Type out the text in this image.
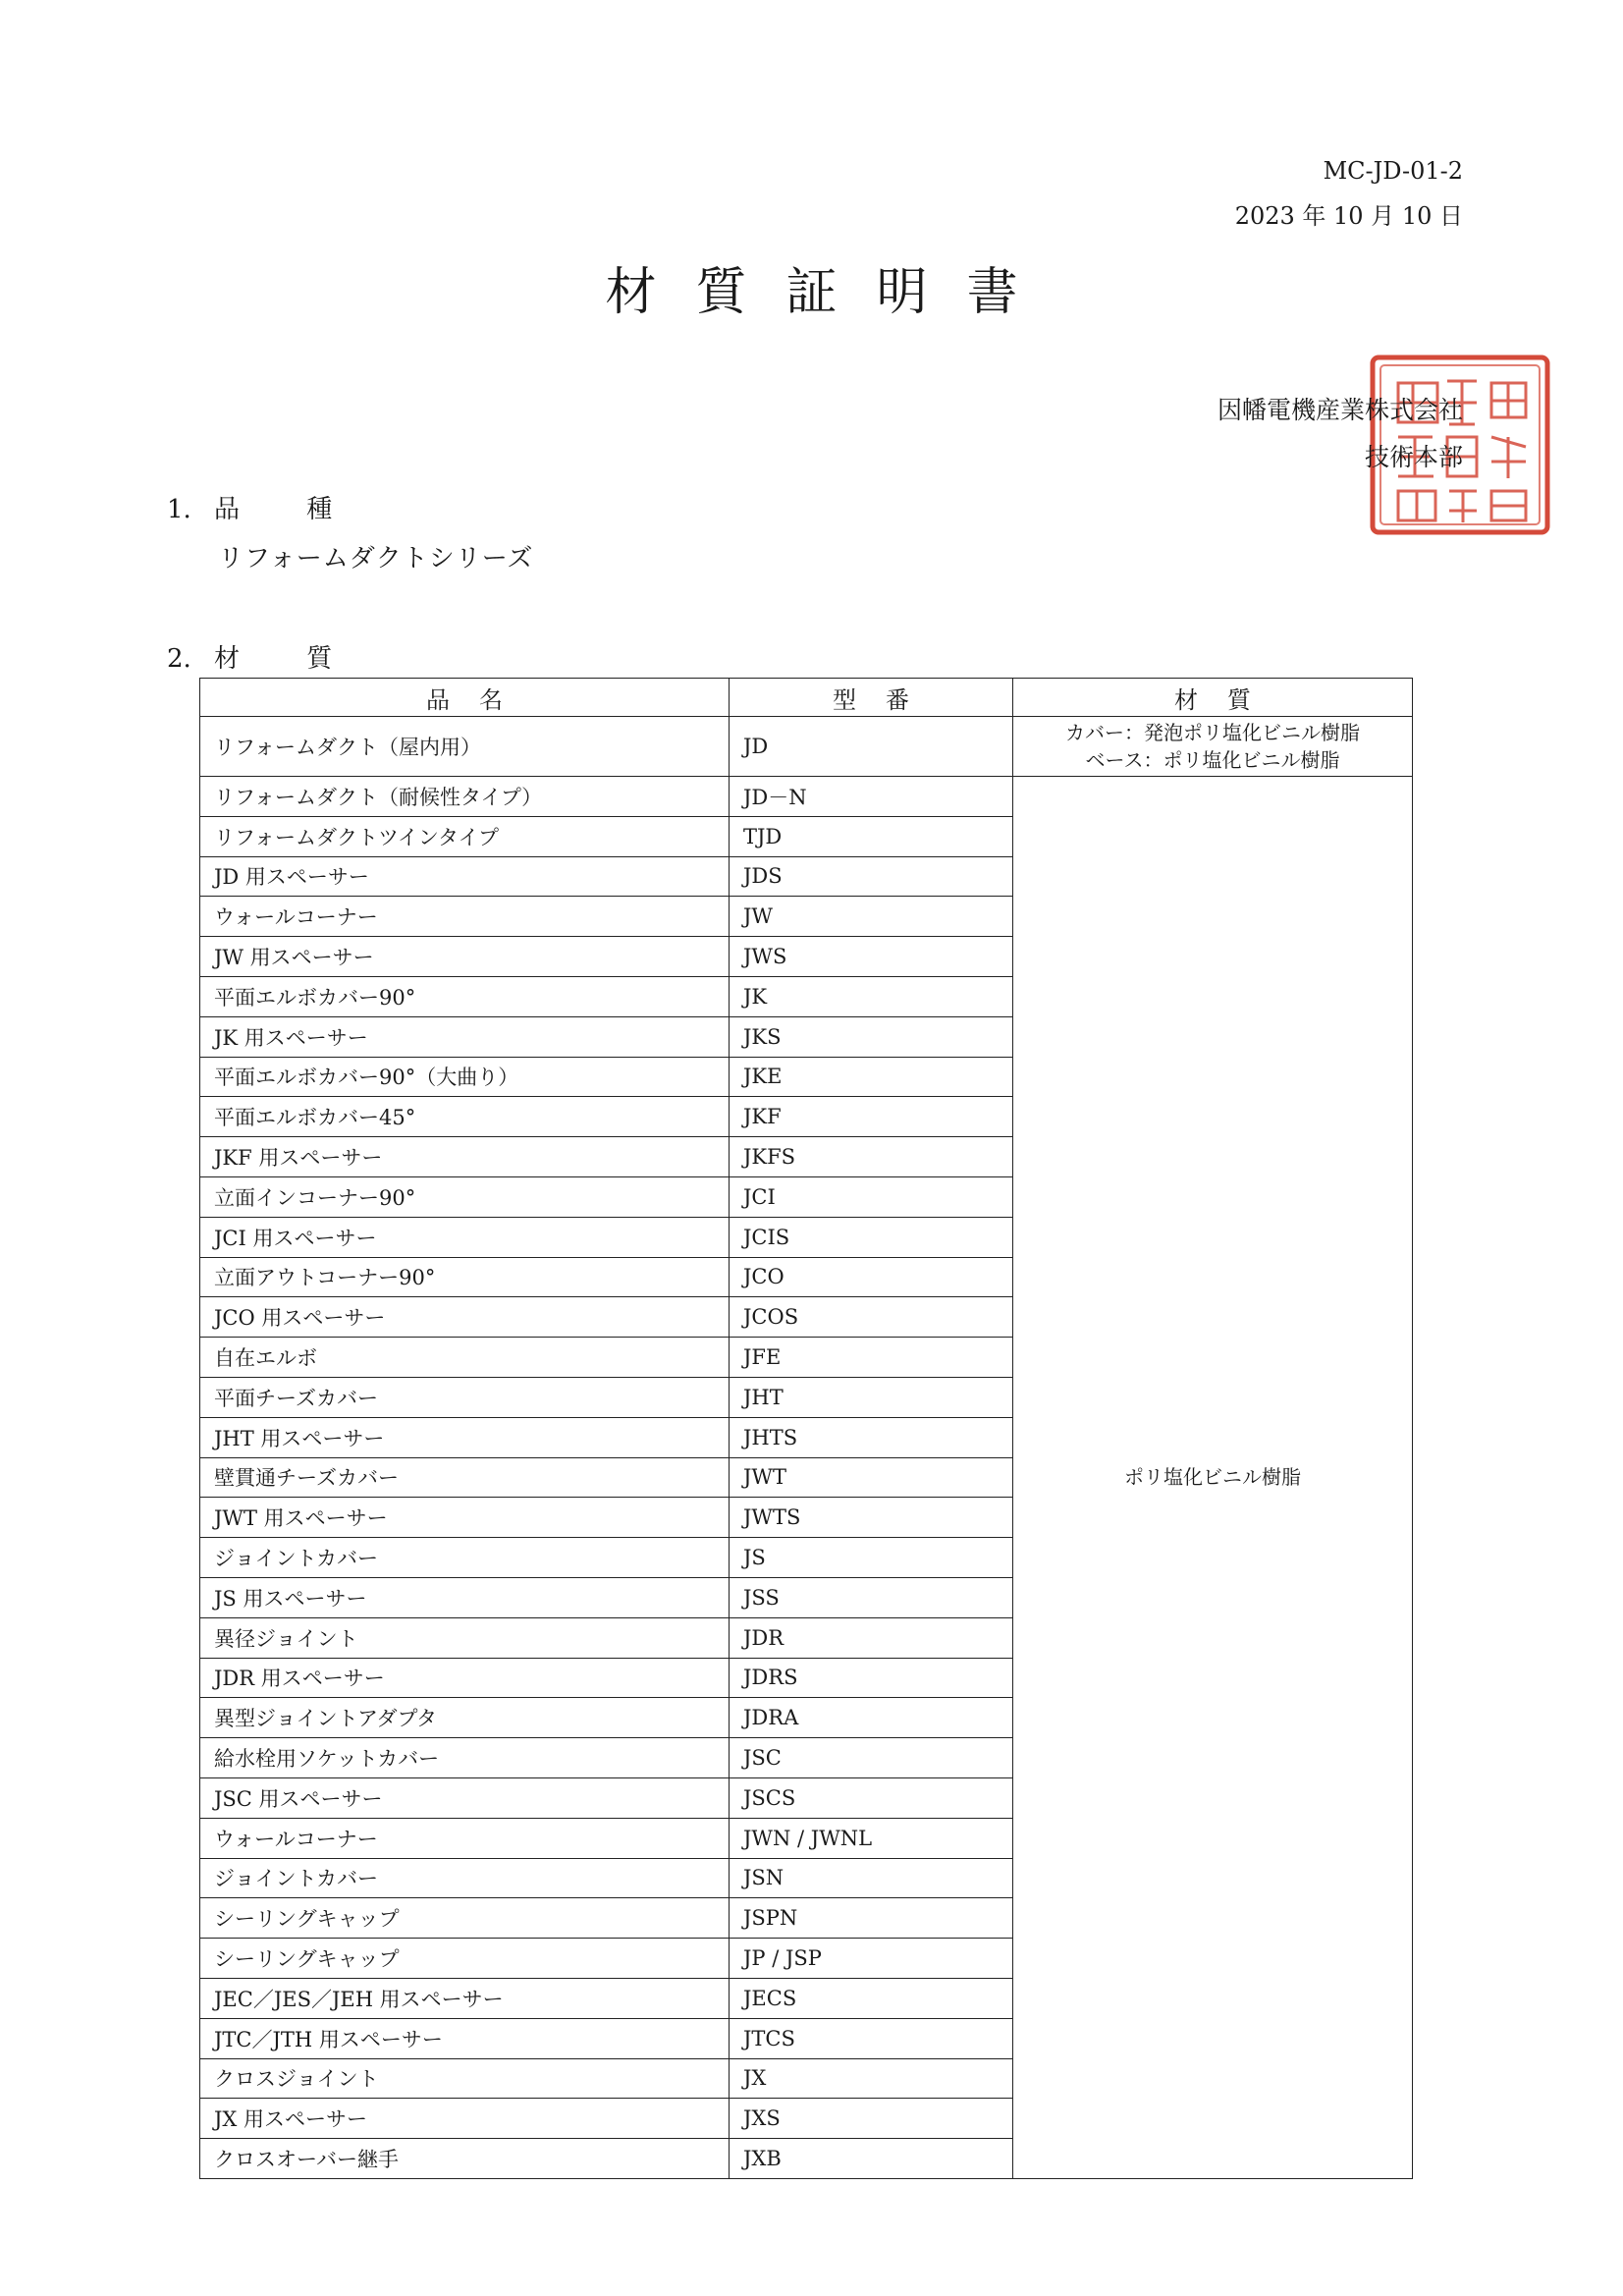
MC-JD-01-2
2023 年 10 月 10 日
材質証明書
因幡電機産業株式会社
技術本部
1. 品 種
リフォームダクトシリーズ
2. 材 質
品名	型番	材質
リフォームダクト（屋内用）	JD	カバー：発泡ポリ塩化ビニル樹脂
ベース：ポリ塩化ビニル樹脂

リフォームダクト（耐候性タイプ）	JD－N	ポリ塩化ビニル樹脂
リフォームダクトツインタイプ	TJD	
JD 用スペーサー	JDS	
ウォールコーナー	JW	
JW 用スペーサー	JWS	
平面エルボカバー90°	JK	
JK 用スペーサー	JKS	
平面エルボカバー90°（大曲り）	JKE	
平面エルボカバー45°	JKF	
JKF 用スペーサー	JKFS	
立面インコーナー90°	JCI	
JCI 用スペーサー	JCIS	
立面アウトコーナー90°	JCO	
JCO 用スペーサー	JCOS	
自在エルボ	JFE	
平面チーズカバー	JHT	
JHT 用スペーサー	JHTS	
壁貫通チーズカバー	JWT	
JWT 用スペーサー	JWTS	
ジョイントカバー	JS	
JS 用スペーサー	JSS	
異径ジョイント	JDR	
JDR 用スペーサー	JDRS	
異型ジョイントアダプタ	JDRA	
給水栓用ソケットカバー	JSC	
JSC 用スペーサー	JSCS	
ウォールコーナー	JWN / JWNL	
ジョイントカバー	JSN	
シーリングキャップ	JSPN	
シーリングキャップ	JP / JSP	
JEC／JES／JEH 用スペーサー	JECS	
JTC／JTH 用スペーサー	JTCS	
クロスジョイント	JX	
JX 用スペーサー	JXS	
クロスオーバー継手	JXB	
